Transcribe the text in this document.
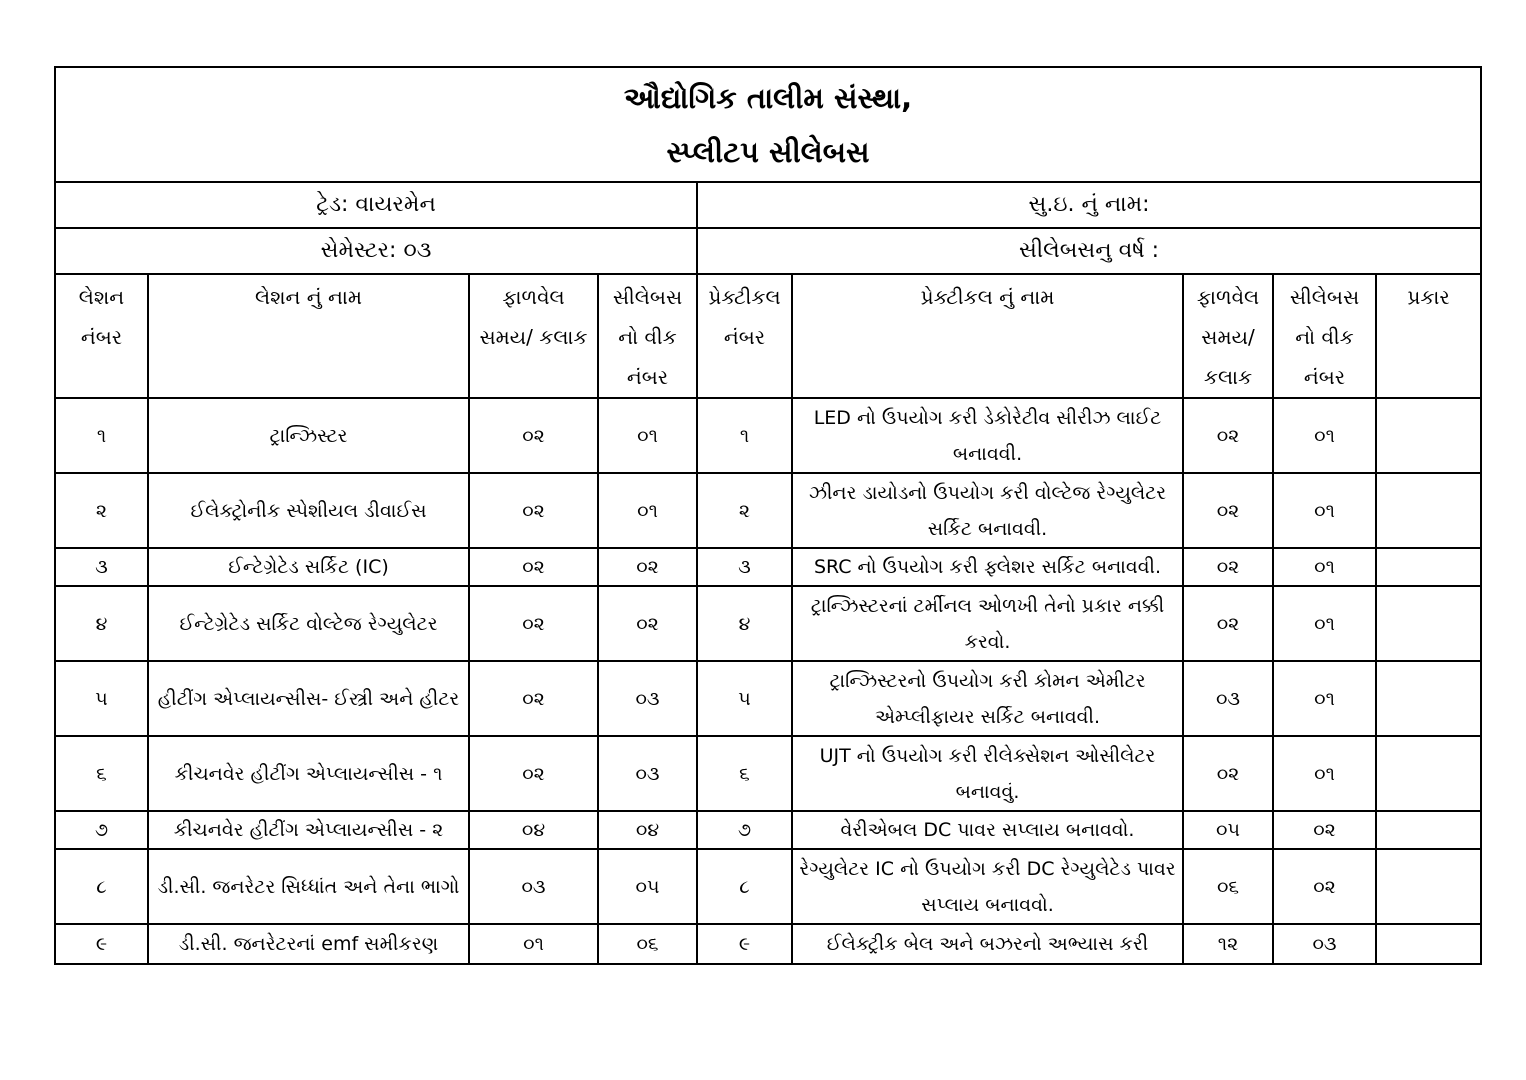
ઔદ્યોગિક તાલીમ સંસ્થા,
સ્પ્લીટપ સીલેબસ								

ટ્રેડ: વાયરમેન				સુ.ઇ. નું નામ:				
સેમેસ્ટર: ૦૩				સીલેબસનુ વર્ષ :				
લેશન નંબર	લેશન નું નામ	ફાળવેલ સમય/ કલાક	સીલેબસ નો વીક નંબર	પ્રેક્ટીકલ નંબર	પ્રેક્ટીકલ નું નામ	ફાળવેલ સમય/ કલાક	સીલેબસ નો વીક નંબર	પ્રકાર
૧	ટ્રાન્ઝિસ્ટર	૦૨	૦૧	૧	LED નો ઉપયોગ કરી ડેકોરેટીવ સીરીઝ લાઈટ બનાવવી.	૦૨	૦૧	
૨	ઈલેક્ટ્રોનીક સ્પેશીયલ ડીવાઈસ	૦૨	૦૧	૨	ઝીનર ડાયોડનો ઉપયોગ કરી વોલ્ટેજ રેગ્યુલેટર સર્કિટ બનાવવી.	૦૨	૦૧	
૩	ઈન્ટેગ્રેટેડ સર્કિટ (IC)	૦૨	૦૨	૩	SRC નો ઉપયોગ કરી ફ્લેશર સર્કિટ બનાવવી.	૦૨	૦૧	
૪	ઈન્ટેગ્રેટેડ સર્કિટ વોલ્ટેજ રેગ્યુલેટર	૦૨	૦૨	૪	ટ્રાન્ઝિસ્ટરનાં ટર્મીનલ ઓળખી તેનો પ્રકાર નક્કી કરવો.	૦૨	૦૧	
૫	હીટીંગ એપ્લાયન્સીસ- ઈસ્ત્રી અને હીટર	૦૨	૦૩	૫	ટ્રાન્ઝિસ્ટરનો ઉપયોગ કરી કોમન એમીટર એમ્પ્લીફાયર સર્કિટ બનાવવી.	૦૩	૦૧	
૬	કીચનવેર હીટીંગ એપ્લાયન્સીસ - ૧	૦૨	૦૩	૬	UJT નો ઉપયોગ કરી રીલેક્સેશન ઓસીલેટર બનાવવું.	૦૨	૦૧	
૭	કીચનવેર હીટીંગ એપ્લાયન્સીસ - ૨	૦૪	૦૪	૭	વેરીએબલ DC પાવર સપ્લાય બનાવવો.	૦૫	૦૨	
૮	ડી.સી. જનરેટર સિધ્ધાંત અને તેના ભાગો	૦૩	૦૫	૮	રેગ્યુલેટર IC નો ઉપયોગ કરી DC રેગ્યુલેટેડ પાવર સપ્લાય બનાવવો.	૦૬	૦૨	
૯	ડી.સી. જનરેટરનાં emf સમીકરણ	૦૧	૦૬	૯	ઈલેક્ટ્રીક બેલ અને બઝરનો અભ્યાસ કરી	૧૨	૦૩	
